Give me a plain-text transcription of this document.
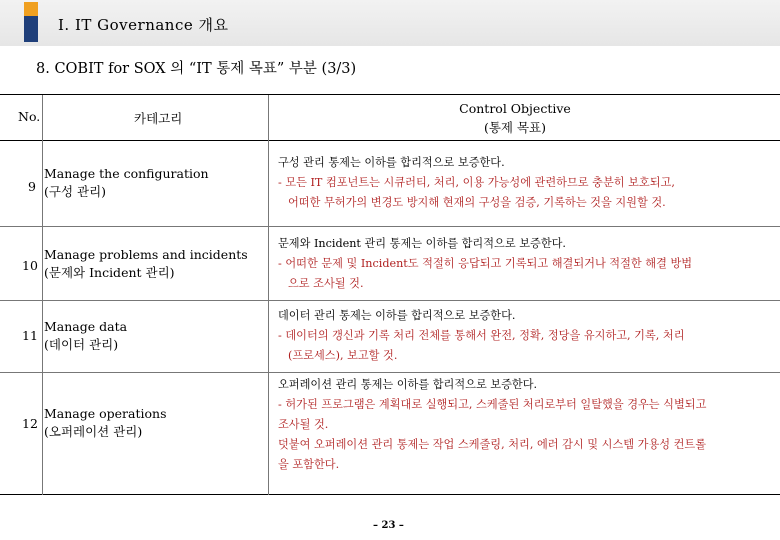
Ⅰ. IT Governance 개요
8. COBIT for SOX 의 “IT 통제 목표” 부분 (3/3)
No.	카테고리
Control Objective
(통제 목표)
9
Manage the configuration
(구성 관리)
구성 관리 통제는 이하를 합리적으로 보증한다.
- 모든 IT 컴포넌트는 시큐러티, 처리, 이용 가능성에 관련하므로 충분히 보호되고,
어떠한 무허가의 변경도 방지해 현재의 구성을 검증, 기록하는 것을 지원할 것.
10
Manage problems and incidents
(문제와 Incident 관리)
문제와 Incident 관리 통제는 이하를 합리적으로 보증한다.
- 어떠한 문제 및 Incident도 적절히 응답되고 기록되고 해결되거나 적절한 해결 방법
으로 조사될 것.
11
Manage data
(데이터 관리)
데이터 관리 통제는 이하를 합리적으로 보증한다.
- 데이터의 갱신과 기록 처리 전체를 통해서 완전, 정확, 정당을 유지하고, 기록, 처리
(프로세스), 보고할 것.
12
Manage operations
(오퍼레이션 관리)
오퍼레이션 관리 통제는 이하를 합리적으로 보증한다.
- 허가된 프로그램은 계획대로 실행되고, 스케줄된 처리로부터 일탈했을 경우는 식별되고
조사될 것.
덧붙여 오퍼레이션 관리 통제는 작업 스케줄링, 처리, 에러 감시 및 시스템 가용성 컨트롤
을 포함한다.
– 23 –
